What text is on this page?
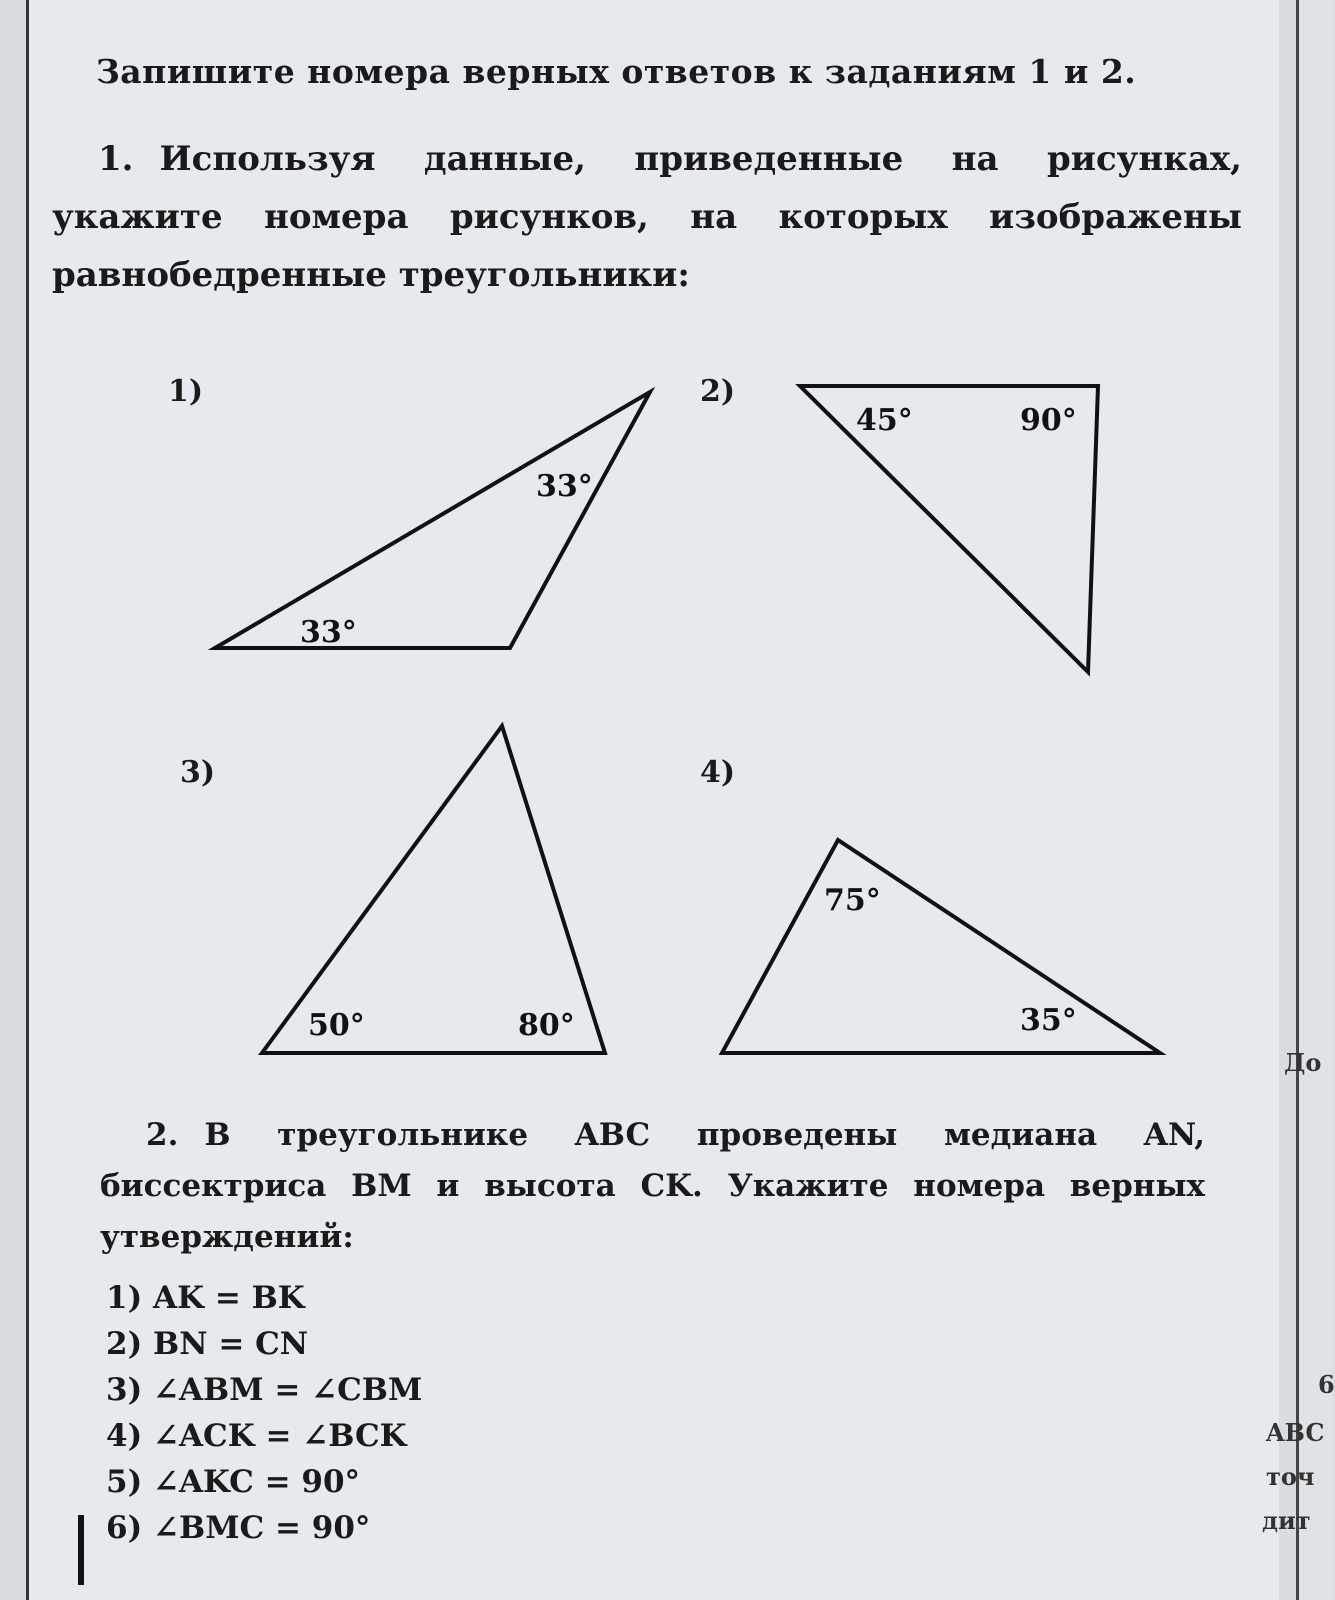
Запишите номера верных ответов к заданиям 1 и 2.
1. Используя данные, приведенные на рисунках, укажите номера рисунков, на которых изображены равнобедренные треугольники:
33°
33°
45°	90°
50°	80°
75°
35°
1)	2)
3)	4)
2. В треугольнике ABC проведены медиана AN, биссектриса BM и высота CK. Укажите номера верных утверждений:
1) AK = BK
2) BN = CN
3) ∠ABM = ∠CBM
4) ∠ACK = ∠BCK
5) ∠AKC = 90°
6) ∠BMC = 90°
До
6
ABC
точ
дит
